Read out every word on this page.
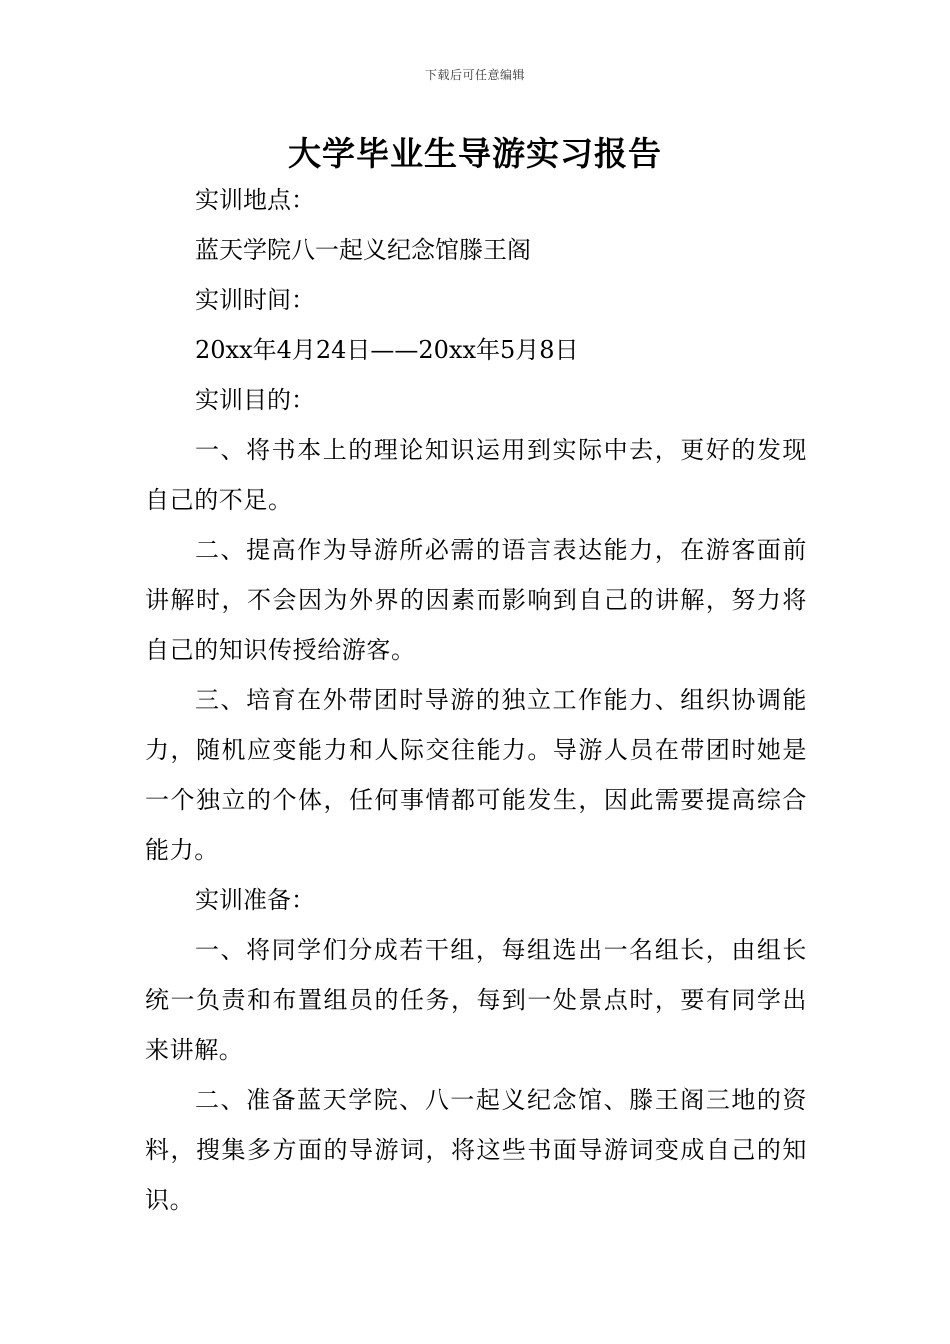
下载后可任意编辑
大学毕业生导游实习报告
实训地点：
蓝天学院八一起义纪念馆滕王阁
实训时间：
20xx年4月24日——20xx年5月8日
实训目的：
一、将书本上的理论知识运用到实际中去，更好的发现自己的不足。
二、提高作为导游所必需的语言表达能力，在游客面前讲解时，不会因为外界的因素而影响到自己的讲解，努力将自己的知识传授给游客。
三、培育在外带团时导游的独立工作能力、组织协调能力，随机应变能力和人际交往能力。导游人员在带团时她是一个独立的个体，任何事情都可能发生，因此需要提高综合能力。
实训准备：
一、将同学们分成若干组，每组选出一名组长，由组长统一负责和布置组员的任务，每到一处景点时，要有同学出来讲解。
二、准备蓝天学院、八一起义纪念馆、滕王阁三地的资料，搜集多方面的导游词，将这些书面导游词变成自己的知识。
